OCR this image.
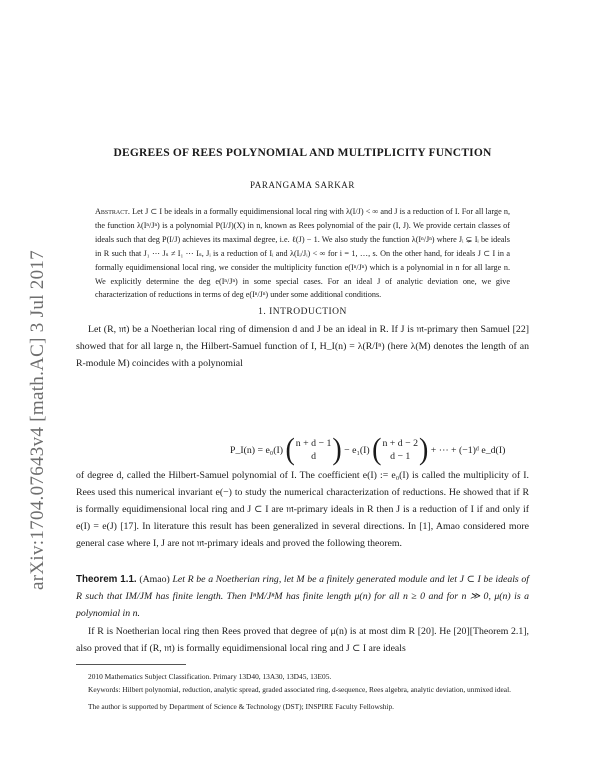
arXiv:1704.07643v4 [math.AC] 3 Jul 2017
DEGREES OF REES POLYNOMIAL AND MULTIPLICITY FUNCTION
PARANGAMA SARKAR
Abstract. Let J ⊂ I be ideals in a formally equidimensional local ring with λ(I/J) < ∞ and J is a reduction of I. For all large n, the function λ(Iⁿ/Jⁿ) is a polynomial P(I/J)(X) in n, known as Rees polynomial of the pair (I, J). We provide certain classes of ideals such that deg P(I/J) achieves its maximal degree, i.e. ℓ(J) − 1. We also study the function λ(Iⁿ/Jⁿ) where Jᵢ ⊊ Iᵢ be ideals in R such that J₁ ⋯ Jₛ ≠ I₁ ⋯ Iₛ, Jᵢ is a reduction of Iᵢ and λ(Iᵢ/Jᵢ) < ∞ for i = 1, …, s. On the other hand, for ideals J ⊂ I in a formally equidimensional local ring, we consider the multiplicity function e(Iⁿ/Jⁿ) which is a polynomial in n for all large n. We explicitly determine the deg e(Iⁿ/Jⁿ) in some special cases. For an ideal J of analytic deviation one, we give characterization of reductions in terms of deg e(Iⁿ/Jⁿ) under some additional conditions.
1. INTRODUCTION
Let (R, 𝔪) be a Noetherian local ring of dimension d and J be an ideal in R. If J is 𝔪-primary then Samuel [22] showed that for all large n, the Hilbert-Samuel function of I, H_I(n) = λ(R/Iⁿ) (here λ(M) denotes the length of an R-module M) coincides with a polynomial
P_I(n) = e₀(I) ( n + d − 1
d ) − e₁(I) ( n + d − 2
d − 1 ) + ⋯ + (−1)ᵈ e_d(I)
of degree d, called the Hilbert-Samuel polynomial of I. The coefficient e(I) := e₀(I) is called the multiplicity of I. Rees used this numerical invariant e(−) to study the numerical characterization of reductions. He showed that if R is formally equidimensional local ring and J ⊂ I are 𝔪-primary ideals in R then J is a reduction of I if and only if e(I) = e(J) [17]. In literature this result has been generalized in several directions. In [1], Amao considered more general case where I, J are not 𝔪-primary ideals and proved the following theorem.
Theorem 1.1. (Amao) Let R be a Noetherian ring, let M be a finitely generated module and let J ⊂ I be ideals of R such that IM/JM has finite length. Then IⁿM/JⁿM has finite length μ(n) for all n ≥ 0 and for n ≫ 0, μ(n) is a polynomial in n.
If R is Noetherian local ring then Rees proved that degree of μ(n) is at most dim R [20]. He [20][Theorem 2.1], also proved that if (R, 𝔪) is formally equidimensional local ring and J ⊂ I are ideals
2010 Mathematics Subject Classification. Primary 13D40, 13A30, 13D45, 13E05.
Keywords: Hilbert polynomial, reduction, analytic spread, graded associated ring, d-sequence, Rees algebra, analytic deviation, unmixed ideal.
The author is supported by Department of Science & Technology (DST); INSPIRE Faculty Fellowship.
